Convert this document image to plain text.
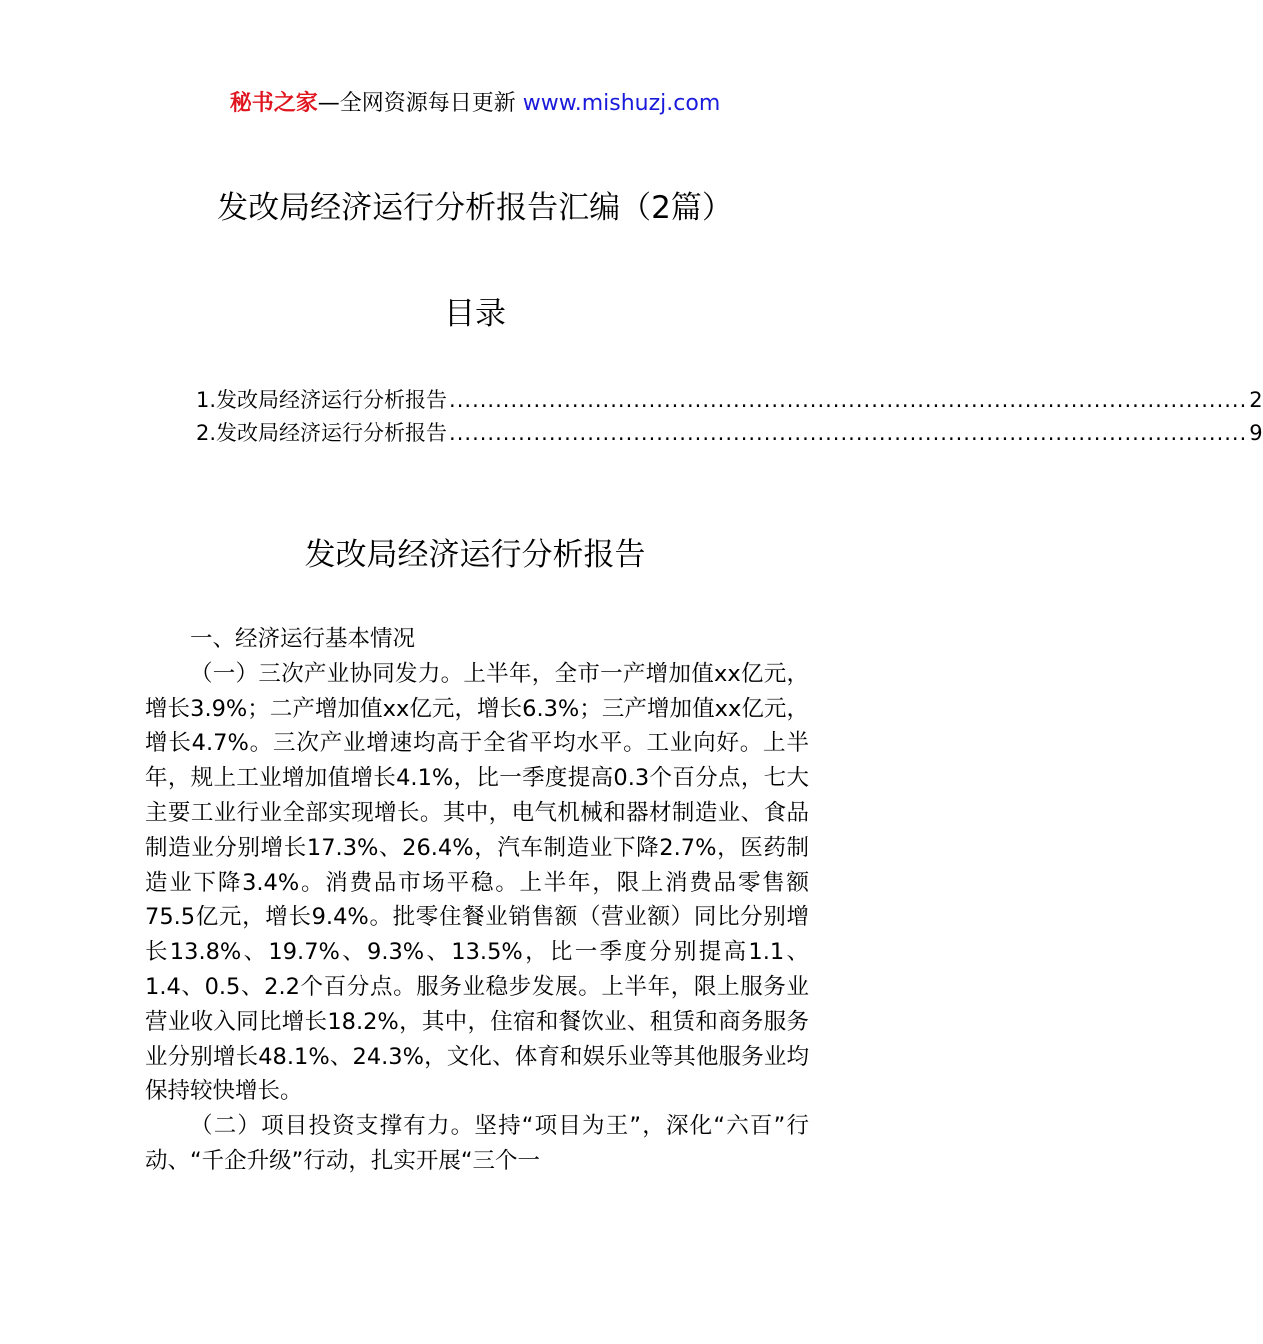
秘书之家—全网资源每日更新 www.mishuzj.com
发改局经济运行分析报告汇编（2篇）
目录
1.发改局经济运行分析报告 ........................................................................................................ 2
2.发改局经济运行分析报告 ........................................................................................................ 9
发改局经济运行分析报告

一、经济运行基本情况

（一）三次产业协同发力。上半年，全市一产增加值xx亿元，增长3.9%；二产增加值xx亿元，增长6.3%；三产增加值xx亿元，增长4.7%。三次产业增速均高于全省平均水平。工业向好。上半年，规上工业增加值增长4.1%，比一季度提高0.3个百分点，七大主要工业行业全部实现增长。其中，电气机械和器材制造业、食品制造业分别增长17.3%、26.4%，汽车制造业下降2.7%，医药制造业下降3.4%。消费品市场平稳。上半年，限上消费品零售额75.5亿元，增长9.4%。批零住餐业销售额（营业额）同比分别增长13.8%、19.7%、9.3%、13.5%，比一季度分别提高1.1、1.4、0.5、2.2个百分点。服务业稳步发展。上半年，限上服务业营业收入同比增长18.2%，其中，住宿和餐饮业、租赁和商务服务业分别增长48.1%、24.3%，文化、体育和娱乐业等其他服务业均保持较快增长。

（二）项目投资支撑有力。坚持“项目为王”，深化“六百”行动、“千企升级”行动，扎实开展“三个一
